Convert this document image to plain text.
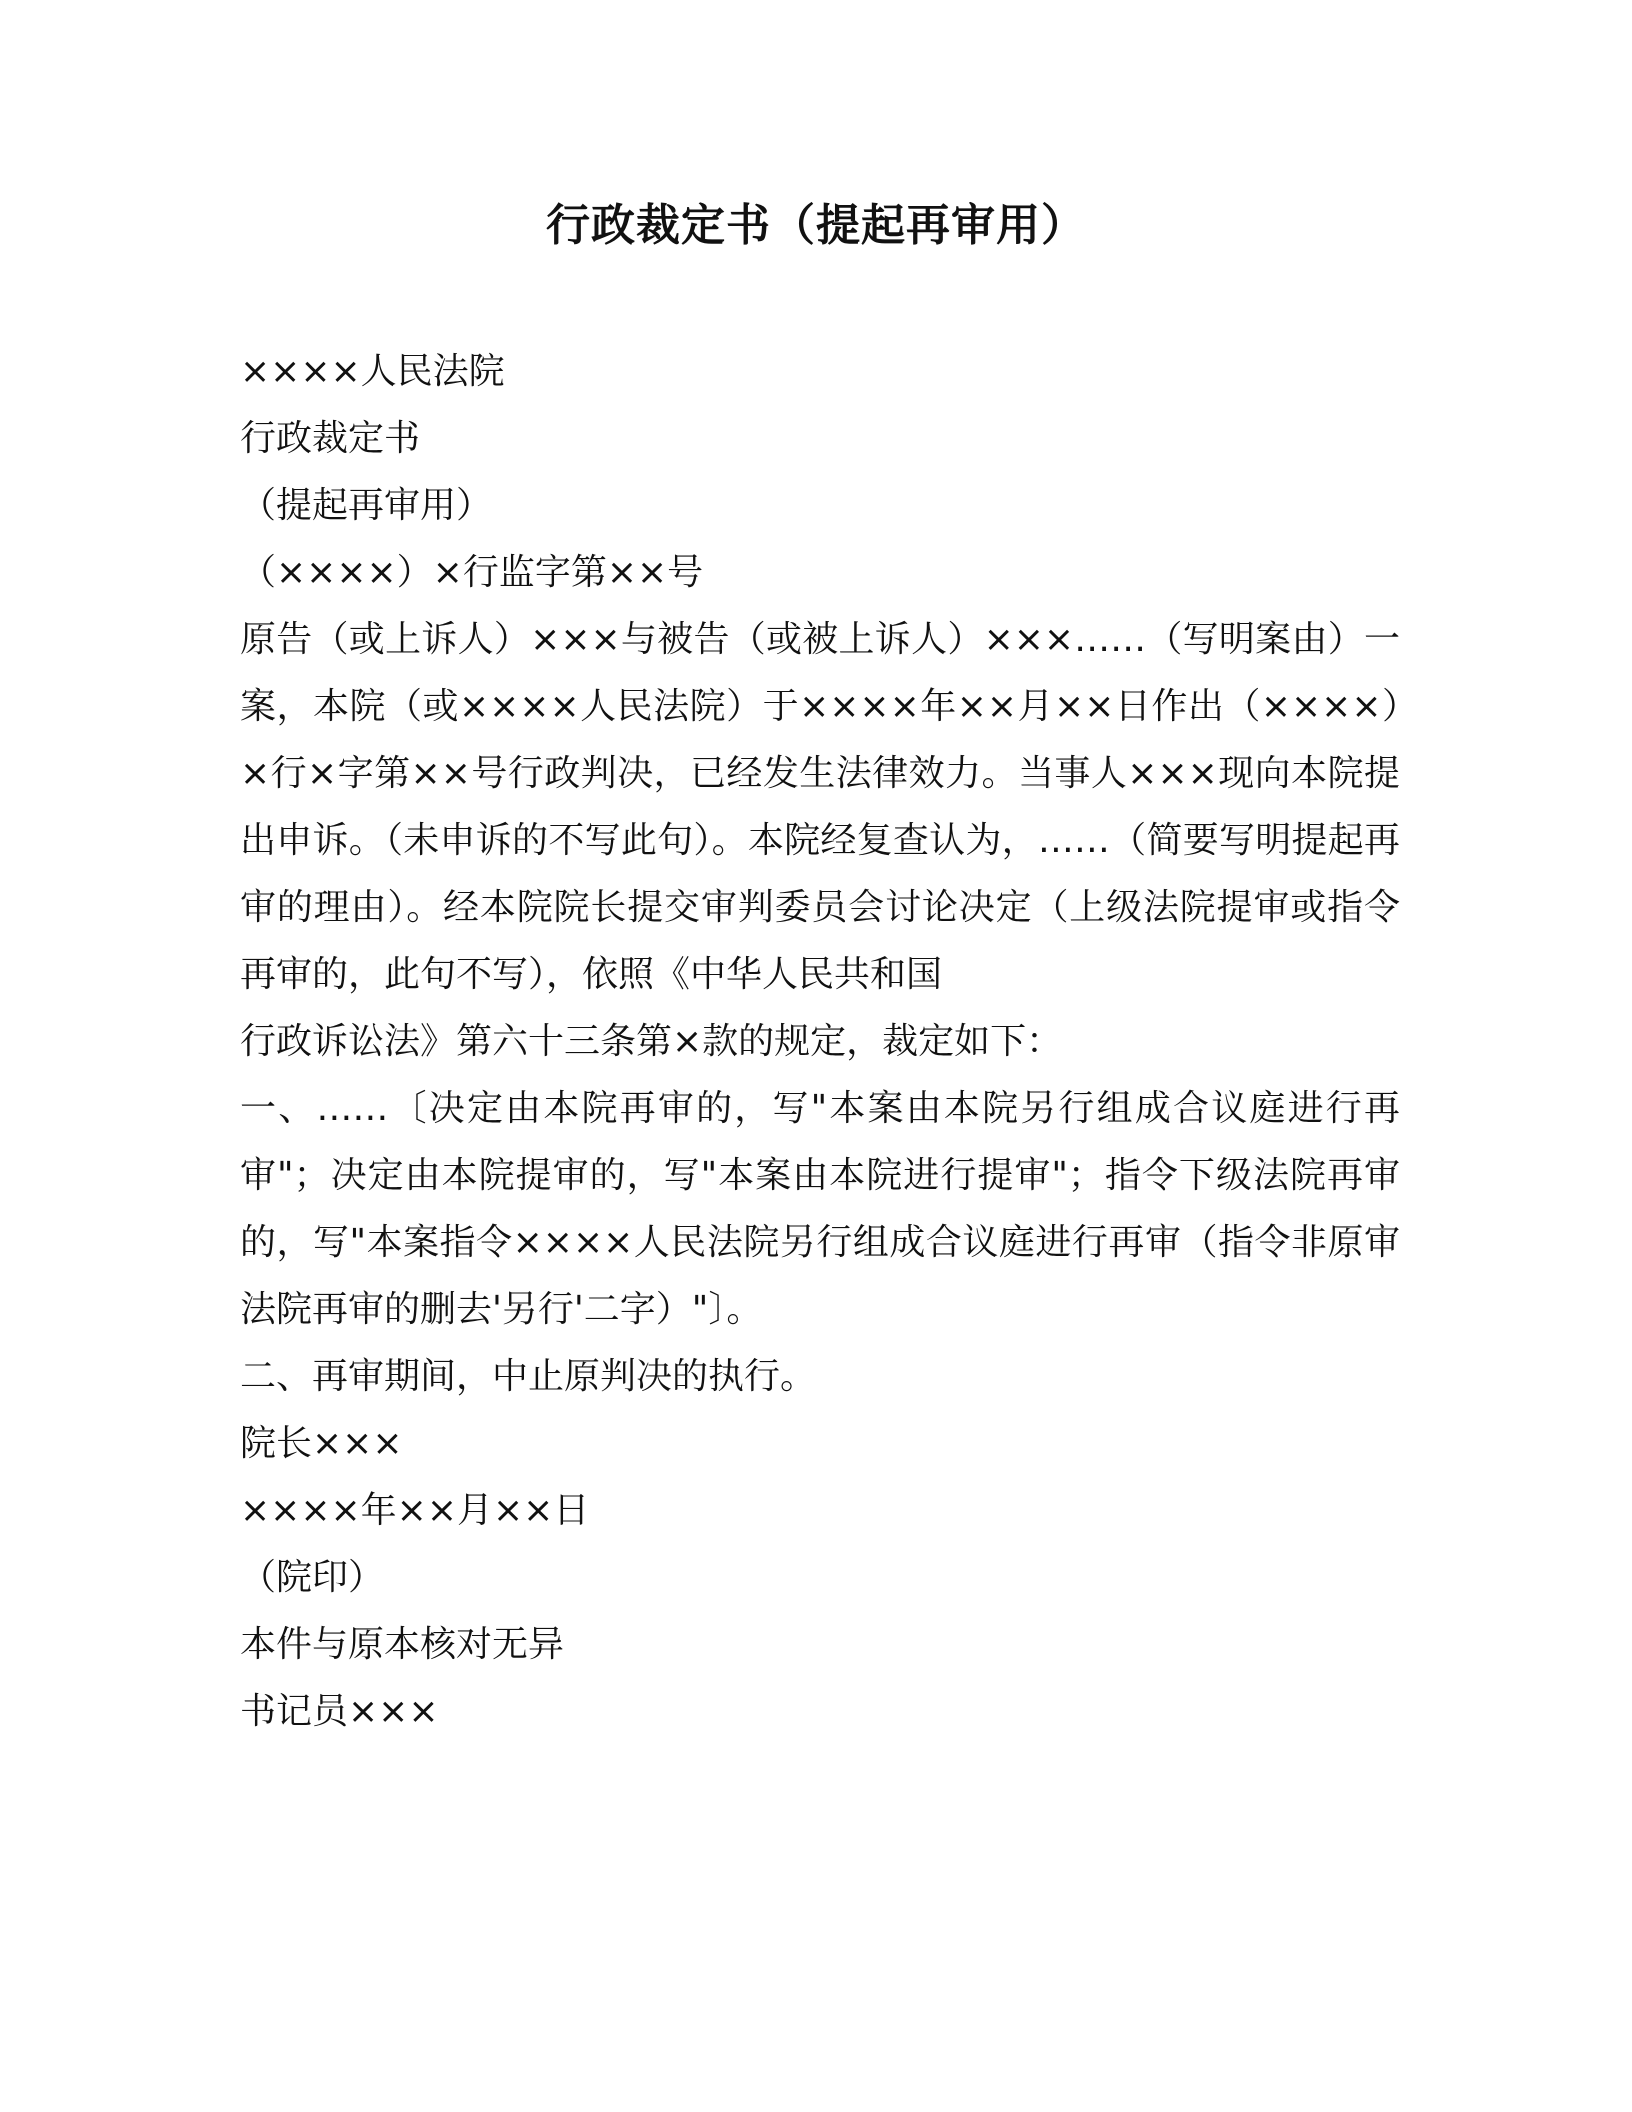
行政裁定书（提起再审用）

××××人民法院

行政裁定书

（提起再审用）

（××××）×行监字第××号

原告（或上诉人）×××与被告（或被上诉人）×××……（写明案由）一案，本院（或××××人民法院）于××××年××月××日作出（××××）×行×字第××号行政判决，已经发生法律效力。当事人×××现向本院提出申诉。（未申诉的不写此句）。本院经复查认为，……（简要写明提起再审的理由）。经本院院长提交审判委员会讨论决定（上级法院提审或指令再审的，此句不写），依照《中华人民共和国

行政诉讼法》第六十三条第×款的规定，裁定如下：

一、……〔决定由本院再审的，写"本案由本院另行组成合议庭进行再审"；决定由本院提审的，写"本案由本院进行提审"；指令下级法院再审的，写"本案指令××××人民法院另行组成合议庭进行再审（指令非原审法院再审的删去'另行'二字）"〕。

二、再审期间，中止原判决的执行。

院长×××

××××年××月××日

（院印）

本件与原本核对无异

书记员×××
